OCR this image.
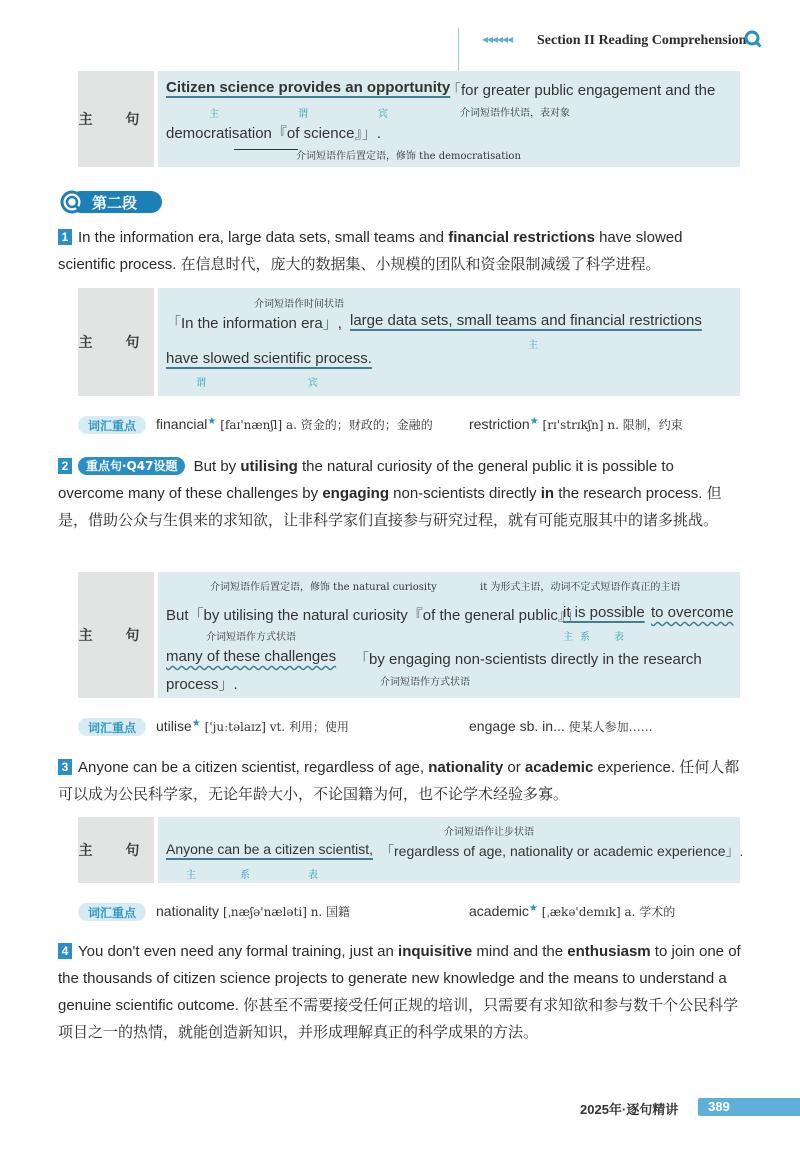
◂◂◂◂◂◂ Section II Reading Comprehension
主 句
Citizen science provides an opportunity
「for greater public engagement and the
主	谓	宾	介词短语作状语，表对象
democratisation『of science』」.
介词短语作后置定语，修饰 the democratisation
第二段
1 In the information era, large data sets, small teams and financial restrictions have slowed scientific process. 在信息时代，庞大的数据集、小规模的团队和资金限制减缓了科学进程。
主 句
介词短语作时间状语
「In the information era」, large data sets, small teams and financial restrictions
主
have slowed scientific process.
谓	宾
词汇重点	financial★ [faɪ'nænʃl] a. 资金的；财政的；金融的	restriction★ [rɪ'strɪkʃn] n. 限制，约束
2 重点句·Q47设题 But by utilising the natural curiosity of the general public it is possible to overcome many of these challenges by engaging non-scientists directly in the research process. 但是，借助公众与生俱来的求知欲，让非科学家们直接参与研究过程，就有可能克服其中的诸多挑战。
主 句
介词短语作后置定语，修饰 the natural curiosity	it 为形式主语，动词不定式短语作真正的主语
But「by utilising the natural curiosity『of the general public』」
it is possible to overcome
介词短语作方式状语	主 系 表
many of these challenges 「by engaging non-scientists directly in the research
process」.	介词短语作方式状语
词汇重点	utilise★ ['juːtəlaɪz] vt. 利用；使用	engage sb. in... 使某人参加……
3 Anyone can be a citizen scientist, regardless of age, nationality or academic experience. 任何人都可以成为公民科学家，无论年龄大小，不论国籍为何，也不论学术经验多寡。
主 句
介词短语作让步状语
Anyone can be a citizen scientist, 「regardless of age, nationality or academic experience」.
主	系	表
词汇重点	nationality [ˌnæʃə'næləti] n. 国籍	academic★ [ˌækə'demɪk] a. 学术的
4 You don't even need any formal training, just an inquisitive mind and the enthusiasm to join one of the thousands of citizen science projects to generate new knowledge and the means to understand a genuine scientific outcome. 你甚至不需要接受任何正规的培训，只需要有求知欲和参与数千个公民科学项目之一的热情，就能创造新知识，并形成理解真正的科学成果的方法。
2025年·逐句精讲	389
